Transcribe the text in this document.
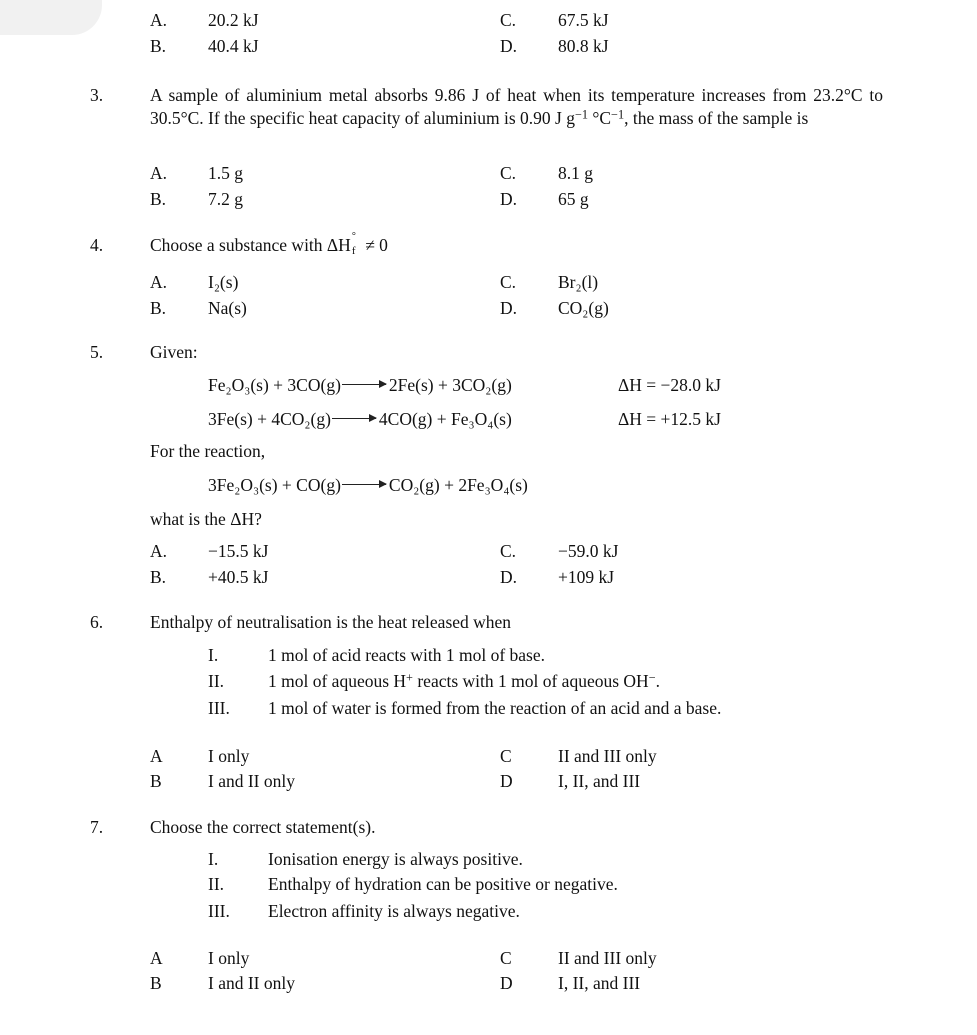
A. 20.2 kJ	C. 67.5 kJ
B. 40.4 kJ	D. 80.8 kJ
3.	A sample of aluminium metal absorbs 9.86 J of heat when its temperature increases from 23.2°C to 30.5°C. If the specific heat capacity of aluminium is 0.90 J $g^{-1}$ $^\circ C^{-1}$, the mass of the sample is
A. 1.5 g	C. 8.1 g
B. 7.2 g	D. 65 g
4.	Choose a substance with ΔH °
f ≠ 0
A. I₂(s)	C. Br₂(l)
B. Na(s)	D. CO₂(g)
5.	Given:
Fe₂O₃(s) + 3CO(g)→ 2Fe(s) + 3CO₂(g)	ΔH = −28.0 kJ
3Fe(s) + 4CO₂(g)→ 4CO(g) + Fe₃O₄(s)	ΔH = +12.5 kJ
For the reaction,
3Fe₂O₃(s) + CO(g)→ CO₂(g) + 2Fe₃O₄(s)
what is the ΔH?
A. −15.5 kJ	C. −59.0 kJ
B. +40.5 kJ	D. +109 kJ
6.	Enthalpy of neutralisation is the heat released when
I.	1 mol of acid reacts with 1 mol of base.
II.	1 mol of aqueous H+ reacts with 1 mol of aqueous OH−.
III. 1 mol of water is formed from the reaction of an acid and a base.
A	I only	C	II and III only
B	I and II only	D	I, II, and III
7.	Choose the correct statement(s).
I.	Ionisation energy is always positive.
II.	Enthalpy of hydration can be positive or negative.
III. Electron affinity is always negative.
A	I only	C	II and III only
B	I and II only	D	I, II, and III
